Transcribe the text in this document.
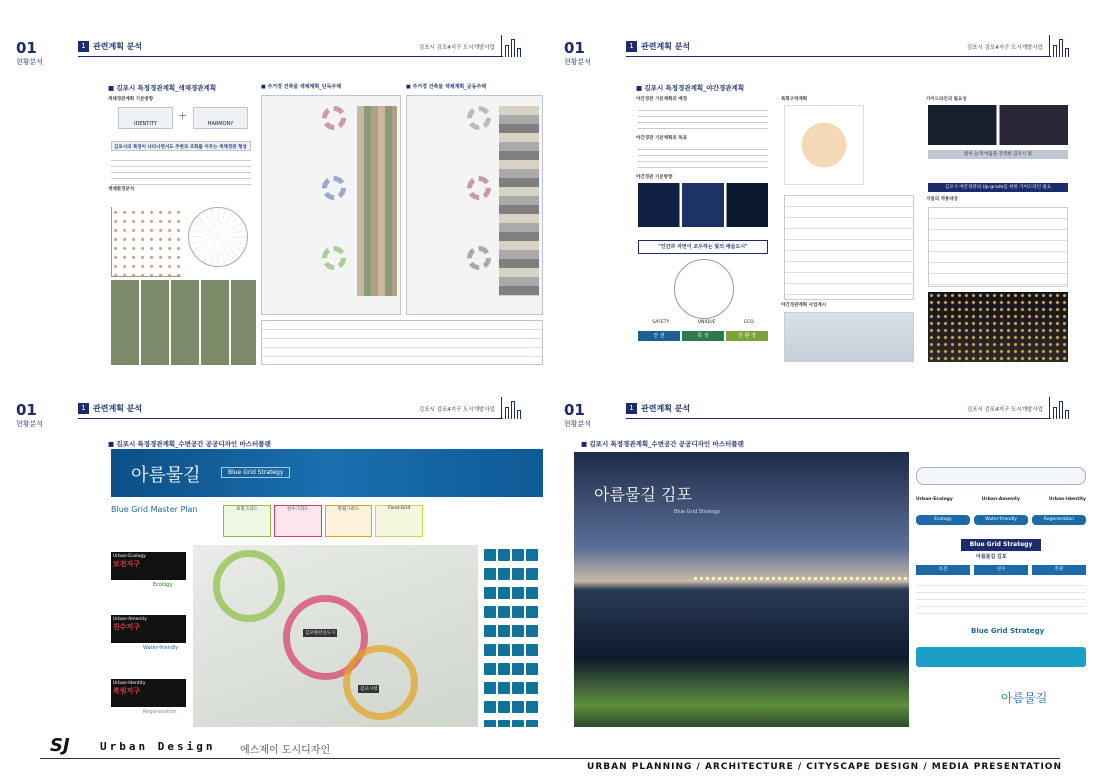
01
현황분석
1 관련계획 분석	김포시 검포4지구 도시개발사업
■ 김포시 특정경관계획_색채경관계획
색채경관계획 기본방향
IDENTITY
+
HARMONY
김포시의 특징이 나타나면서도 주변과 조화를 이루는 색채경관 형성
색채환경분석
■ 주거경 건축물 색채계획_단독주택
■	주거경 건축물 색채계획_공동주택
01
현황분석
1 관련계획 분석	김포시 검포4지구 도시개발사업
■ 김포시 특정경관계획_야간경관계획
야간경관 기본계획의 배경
야간경관 기본계획의 목표
야간경관 기본방향
"인간과 자연이 조우하는 빛의 예술도시"
SAFETY	UNIQUE	ECO
안 전	특 성	친 환 경
특화구역계획
야간경관계획 사업계시
가이드라인의 필요성
빛이 늘게 어둠을 간직한 김포시 빛
김포시 야간경관의 Up-grade를 위한 가이드라인 필요
지침의 적용대상
01
현황분석
1 관련계획 분석	김포시 검포4지구 도시개발사업
■ 김포시 특정경관계획_수변공간 공공디자인 마스터플랜
아름물길	Blue Grid Strategy
Blue Grid Master Plan	보전그리드	친수그리드	복원그리드	Fond-Grid
Urban-Ecology
보전지구
Ecology
Urban-Amenity
친수지구
Water-friendly
Urban-Identity
복원지구
Regeneration
김포한강신도시
김포시청

01
현황분석
1 관련계획 분석	김포시 검포4지구 도시개발사업
■ 김포시 특정경관계획_수변공간 공공디자인 마스터플랜
아름물길 김포
Blue Grid Strategy
Urban-Ecology	Urban-Amenity	Urban-Identity
Ecology	Water-friendly	Regeneration
Blue Grid Strategy
아름물길 김포
보전	친수	복원
Blue Grid Strategy
아름물길
SJ	Urban Design 에스제이 도시디자인
URBAN PLANNING / ARCHITECTURE / CITYSCAPE DESIGN / MEDIA PRESENTATION
